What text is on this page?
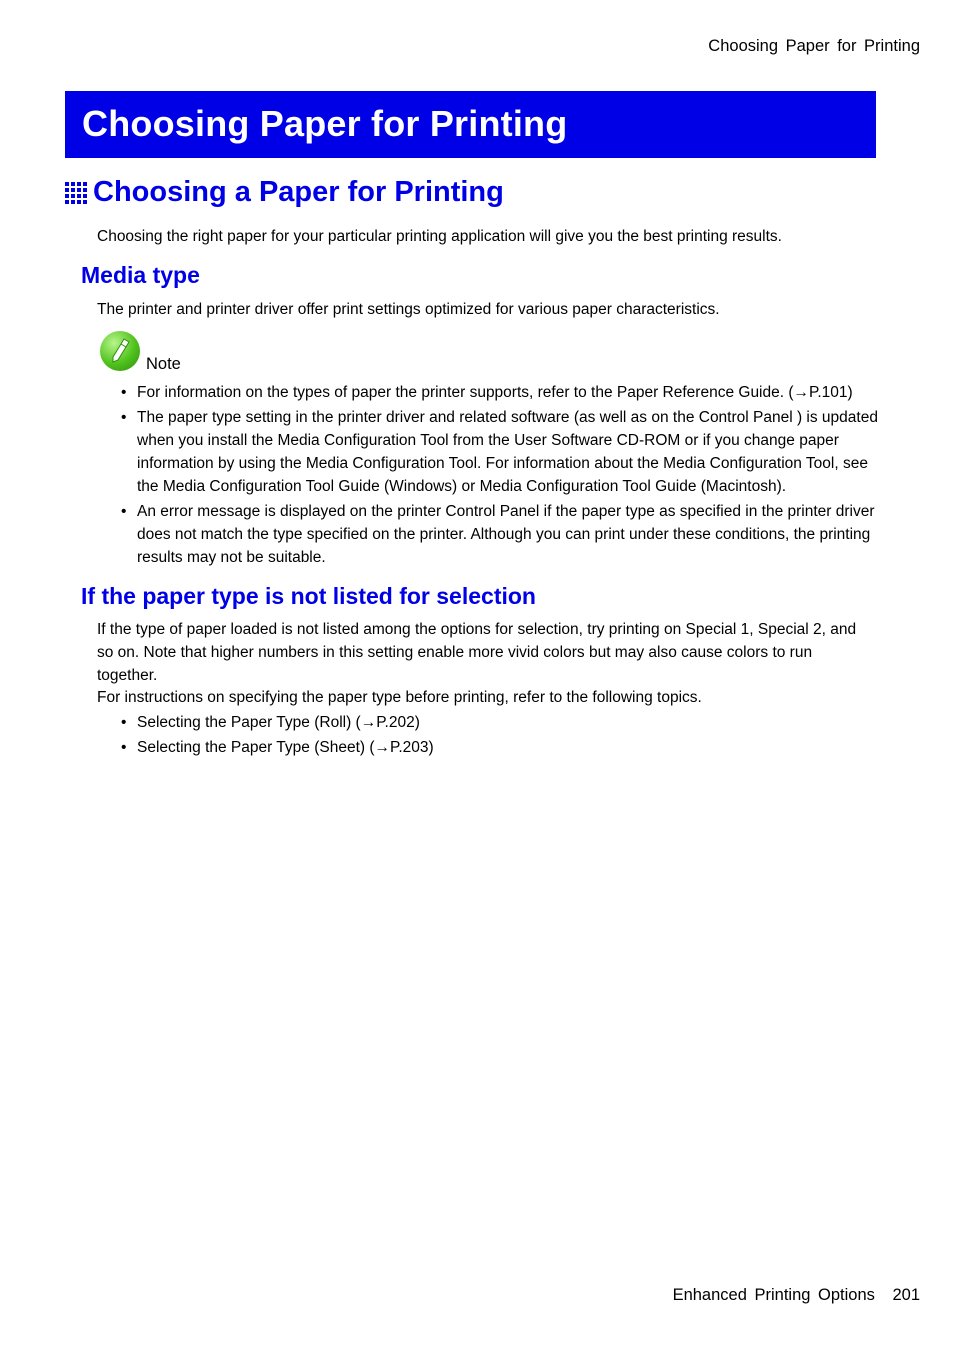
Choosing Paper for Printing
Choosing Paper for Printing
Choosing a Paper for Printing
Choosing the right paper for your particular printing application will give you the best printing results.
Media type
The printer and printer driver offer print settings optimized for various paper characteristics.
Note
• For information on the types of paper the printer supports, refer to the Paper Reference Guide. (→P.101)
• The paper type setting in the printer driver and related software (as well as on the Control Panel ) is updated when you install the Media Configuration Tool from the User Software CD-ROM or if you change paper information by using the Media Configuration Tool. For information about the Media Configuration Tool, see the Media Configuration Tool Guide (Windows) or Media Configuration Tool Guide (Macintosh).
• An error message is displayed on the printer Control Panel if the paper type as specified in the printer driver does not match the type specified on the printer. Although you can print under these conditions, the printing results may not be suitable.
If the paper type is not listed for selection
If the type of paper loaded is not listed among the options for selection, try printing on Special 1, Special 2, and so on. Note that higher numbers in this setting enable more vivid colors but may also cause colors to run together.
For instructions on specifying the paper type before printing, refer to the following topics.
• Selecting the Paper Type (Roll) (→P.202)
• Selecting the Paper Type (Sheet) (→P.203)
Enhanced Printing Options 201
